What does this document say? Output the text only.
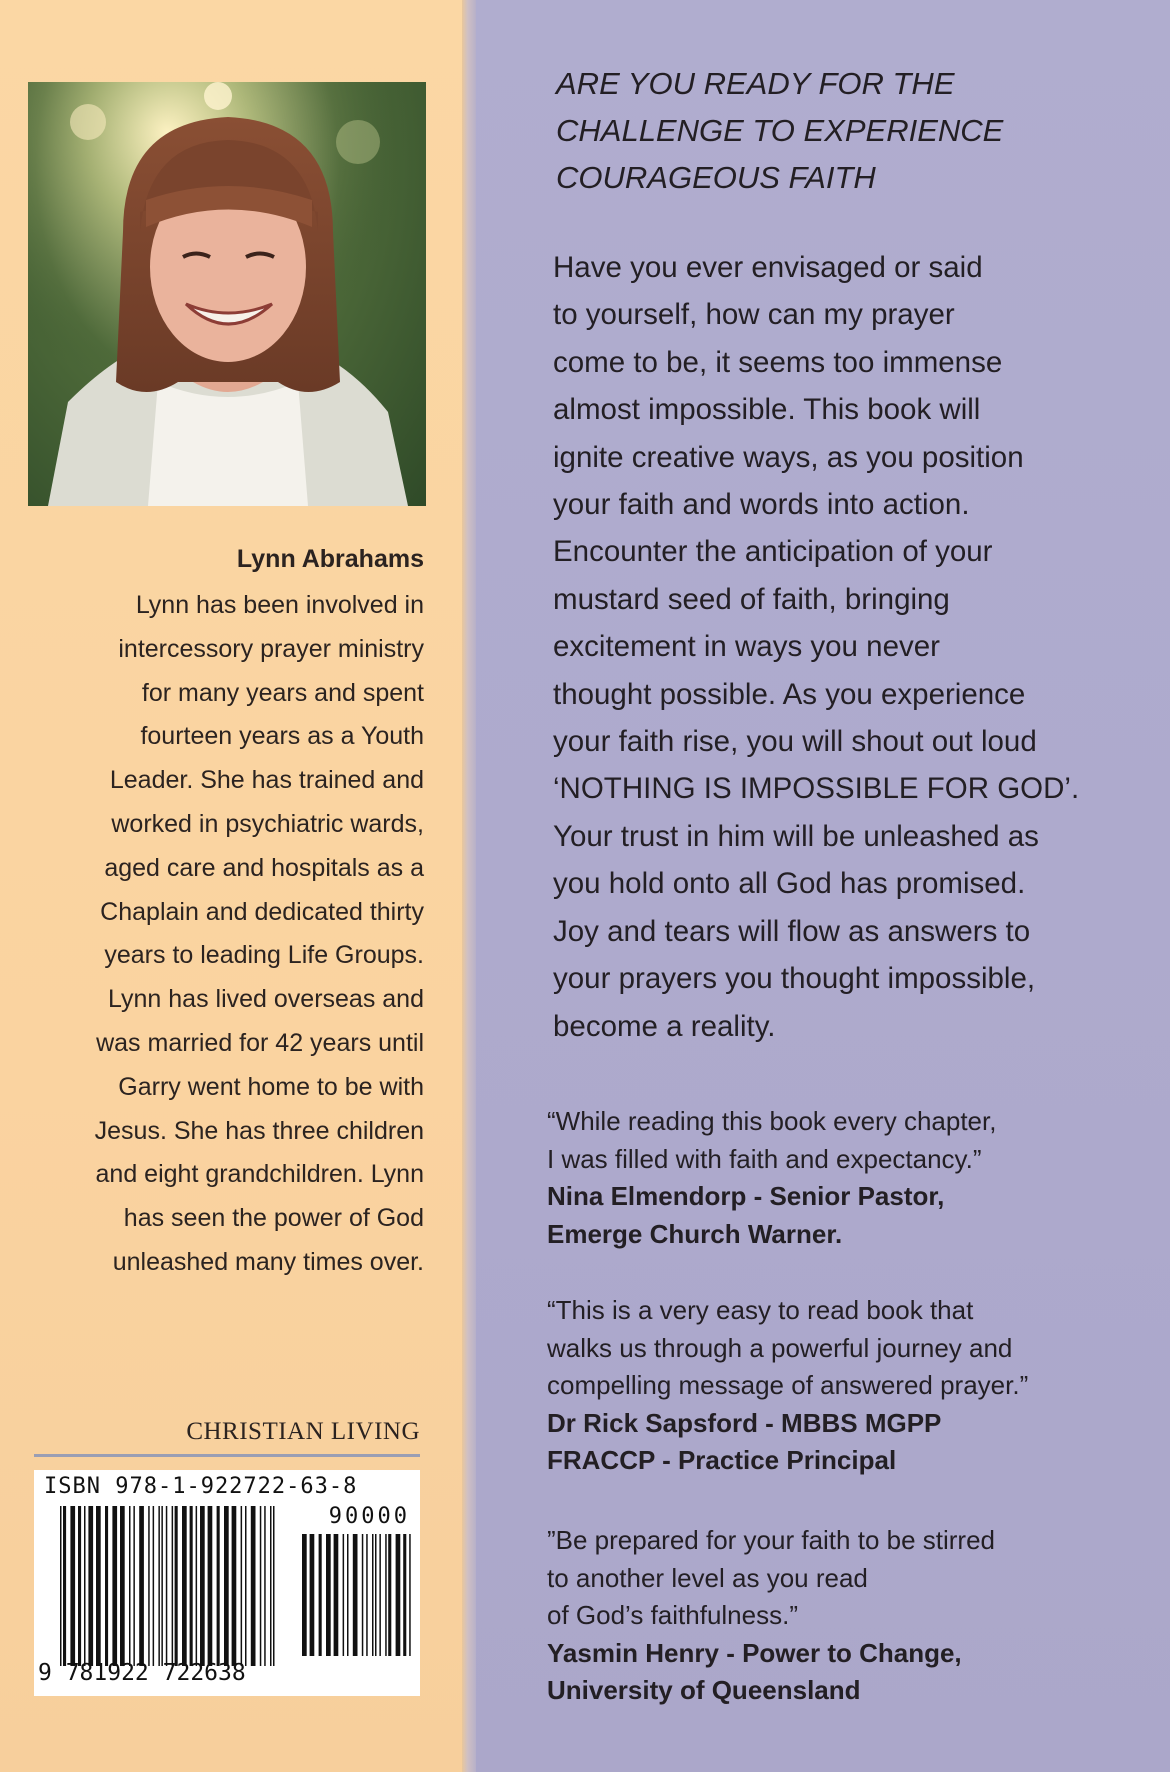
Lynn Abrahams
Lynn has been involved in
intercessory prayer ministry
for many years and spent
fourteen years as a Youth
Leader. She has trained and
worked in psychiatric wards,
aged care and hospitals as a
Chaplain and dedicated thirty
years to leading Life Groups.
Lynn has lived overseas and
was married for 42 years until
Garry went home to be with
Jesus. She has three children
and eight grandchildren. Lynn
has seen the power of God
unleashed many times over.
CHRISTIAN LIVING
ISBN 978-1-922722-63-8
90000
9 781922 722638
ARE YOU READY FOR THE
CHALLENGE TO EXPERIENCE
COURAGEOUS FAITH
Have you ever envisaged or said
to yourself, how can my prayer
come to be, it seems too immense
almost impossible. This book will
ignite creative ways, as you position
your faith and words into action.
Encounter the anticipation of your
mustard seed of faith, bringing
excitement in ways you never
thought possible. As you experience
your faith rise, you will shout out loud
‘NOTHING IS IMPOSSIBLE FOR GOD’.
Your trust in him will be unleashed as
you hold onto all God has promised.
Joy and tears will flow as answers to
your prayers you thought impossible,
become a reality.
“While reading this book every chapter,
I was filled with faith and expectancy.”
Nina Elmendorp - Senior Pastor,
Emerge Church Warner.
“This is a very easy to read book that
walks us through a powerful journey and
compelling message of answered prayer.”
Dr Rick Sapsford - MBBS MGPP
FRACCP - Practice Principal
”Be prepared for your faith to be stirred
to another level as you read
of God’s faithfulness.”
Yasmin Henry - Power to Change,
University of Queensland
